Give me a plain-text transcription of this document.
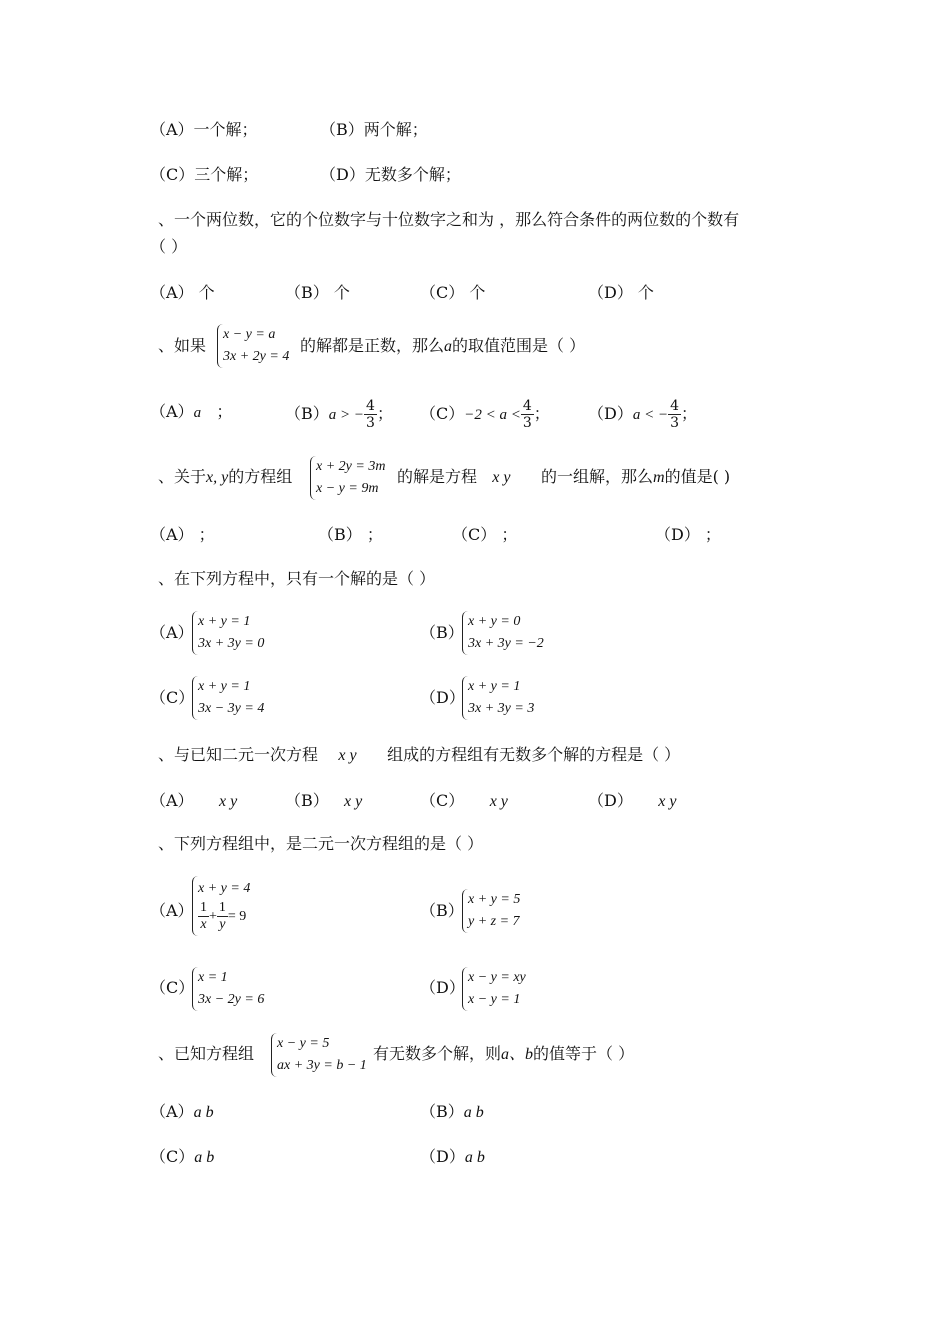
（A）一个解；	（B）两个解；
（C）三个解；	（D）无数多个解；
、一个两位数，它的个位数字与十位数字之和为 ，那么符合条件的两位数的个数有
（ ）
（A） 个	（B） 个	（C） 个	（D） 个
、如果
x − y = a
3x + 2y = 4
的解都是正数，那么a的取值范围是（ ）
（A）a ；	（B）a > − $\frac{4}{3}$ ； $(C)-2 < a < \frac{4}{3}$ ； （D）a < − $\frac{4}{3}$ ；
、关于x, y的方程组
x + 2y = 3m
x − y = 9m
的解是方程 x y 的一组解，那么m的值是( )
（A） ；	（B） ；	（C） ；	（D） ；
、在下列方程中，只有一个解的是（ ）
（A）
x + y = 1
3x + 3y = 0
（B）
x + y = 0
3x + 3y = −2
（C）
x + y = 1
3x − 3y = 4
（D）
x + y = 1
3x + 3y = 3
、与已知二元一次方程 x y 组成的方程组有无数多个解的方程是（ ）
（A） x y	（B） x y	（C） x y	（D） x y
、下列方程组中，是二元一次方程组的是（ ）
（A）
x + y = 4
$\frac{1}{x} + \frac{1}{y} = 9$	（B）
x + y = 5
y + z = 7
（C）
x = 1
3x − 2y = 6
（D）
x − y = xy
x − y = 1
、已知方程组
x − y = 5
ax + 3y = b − 1
有无数多个解，则a、b的值等于（ ）
（A）a b	（B）a b
（C）a b	（D）a b
